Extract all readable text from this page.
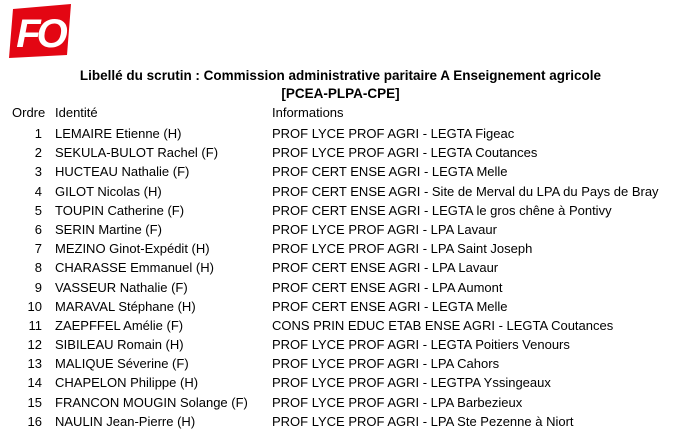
FO
Libellé du scrutin : Commission administrative paritaire A Enseignement agricole
[PCEA-PLPA-CPE]
Ordre Identité	Informations
1 LEMAIRE Etienne (H)	PROF LYCE PROF AGRI - LEGTA Figeac
2 SEKULA-BULOT Rachel (F)	PROF LYCE PROF AGRI - LEGTA Coutances
3 HUCTEAU Nathalie (F)	PROF CERT ENSE AGRI - LEGTA Melle
4 GILOT Nicolas (H)	PROF CERT ENSE AGRI - Site de Merval du LPA du Pays de Bray
5 TOUPIN Catherine (F)	PROF CERT ENSE AGRI - LEGTA le gros chêne à Pontivy
6 SERIN Martine (F)	PROF LYCE PROF AGRI - LPA Lavaur
7 MEZINO Ginot-Expédit (H)	PROF LYCE PROF AGRI - LPA Saint Joseph
8 CHARASSE Emmanuel (H)	PROF CERT ENSE AGRI - LPA Lavaur
9 VASSEUR Nathalie (F)	PROF CERT ENSE AGRI - LPA Aumont
10 MARAVAL Stéphane (H)	PROF CERT ENSE AGRI - LEGTA Melle
11 ZAEPFFEL Amélie (F)	CONS PRIN EDUC ETAB ENSE AGRI - LEGTA Coutances
12 SIBILEAU Romain (H)	PROF LYCE PROF AGRI - LEGTA Poitiers Venours
13 MALIQUE Séverine (F)	PROF LYCE PROF AGRI - LPA Cahors
14 CHAPELON Philippe (H)	PROF LYCE PROF AGRI - LEGTPA Yssingeaux
15 FRANCON MOUGIN Solange (F) PROF LYCE PROF AGRI - LPA Barbezieux
16 NAULIN Jean-Pierre (H)	PROF LYCE PROF AGRI - LPA Ste Pezenne à Niort
